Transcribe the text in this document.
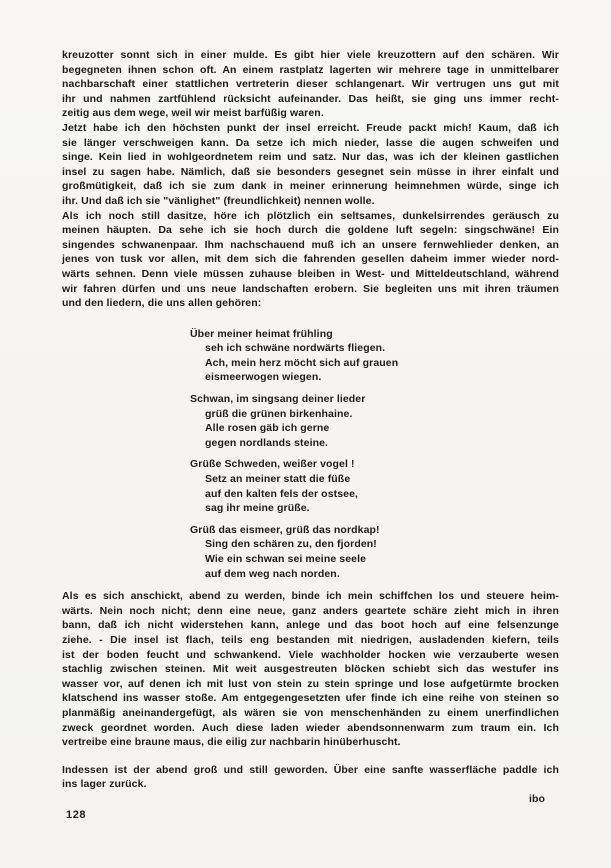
kreuzotter sonnt sich in einer mulde. Es gibt hier viele kreuzottern auf den schären. Wir
begegneten ihnen schon oft. An einem rastplatz lagerten wir mehrere tage in unmittelbarer
nachbarschaft einer stattlichen vertreterin dieser schlangenart. Wir vertrugen uns gut mit
ihr und nahmen zartfühlend rücksicht aufeinander. Das heißt, sie ging uns immer recht-
zeitig aus dem wege, weil wir meist barfüßig waren.
Jetzt habe ich den höchsten punkt der insel erreicht. Freude packt mich! Kaum, daß ich
sie länger verschweigen kann. Da setze ich mich nieder, lasse die augen schweifen und
singe. Kein lied in wohlgeordnetem reim und satz. Nur das, was ich der kleinen gastlichen
insel zu sagen habe. Nämlich, daß sie besonders gesegnet sein müsse in ihrer einfalt und
großmütigkeit, daß ich sie zum dank in meiner erinnerung heimnehmen würde, singe ich
ihr. Und daß ich sie "vänlighet" (freundlichkeit) nennen wolle.
Als ich noch still dasitze, höre ich plötzlich ein seltsames, dunkelsirrendes geräusch zu
meinen häupten. Da sehe ich sie hoch durch die goldene luft segeln: singschwäne! Ein
singendes schwanenpaar. Ihm nachschauend muß ich an unsere fernwehlieder denken, an
jenes von tusk vor allen, mit dem sich die fahrenden gesellen daheim immer wieder nord-
wärts sehnen. Denn viele müssen zuhause bleiben in West- und Mitteldeutschland, während
wir fahren dürfen und uns neue landschaften erobern. Sie begleiten uns mit ihren träumen
und den liedern, die uns allen gehören:
Über meiner heimat frühling
seh ich schwäne nordwärts fliegen.
Ach, mein herz möcht sich auf grauen
eismeerwogen wiegen.
Schwan, im singsang deiner lieder
grüß die grünen birkenhaine.
Alle rosen gäb ich gerne
gegen nordlands steine.
Grüße Schweden, weißer vogel !
Setz an meiner statt die füße
auf den kalten fels der ostsee,
sag ihr meine grüße.
Grüß das eismeer, grüß das nordkap!
Sing den schären zu, den fjorden!
Wie ein schwan sei meine seele
auf dem weg nach norden.
Als es sich anschickt, abend zu werden, binde ich mein schiffchen los und steuere heim-
wärts. Nein noch nicht; denn eine neue, ganz anders geartete schäre zieht mich in ihren
bann, daß ich nicht widerstehen kann, anlege und das boot hoch auf eine felsenzunge
ziehe. - Die insel ist flach, teils eng bestanden mit niedrigen, ausladenden kiefern, teils
ist der boden feucht und schwankend. Viele wachholder hocken wie verzauberte wesen
stachlig zwischen steinen. Mit weit ausgestreuten blöcken schiebt sich das westufer ins
wasser vor, auf denen ich mit lust von stein zu stein springe und lose aufgetürmte brocken
klatschend ins wasser stoße. Am entgegengesetzten ufer finde ich eine reihe von steinen so
planmäßig aneinandergefügt, als wären sie von menschenhänden zu einem unerfindlichen
zweck geordnet worden. Auch diese laden wieder abendsonnenwarm zum traum ein. Ich
vertreibe eine braune maus, die eilig zur nachbarin hinüberhuscht.
Indessen ist der abend groß und still geworden. Über eine sanfte wasserfläche paddle ich
ins lager zurück.
ibo
128
